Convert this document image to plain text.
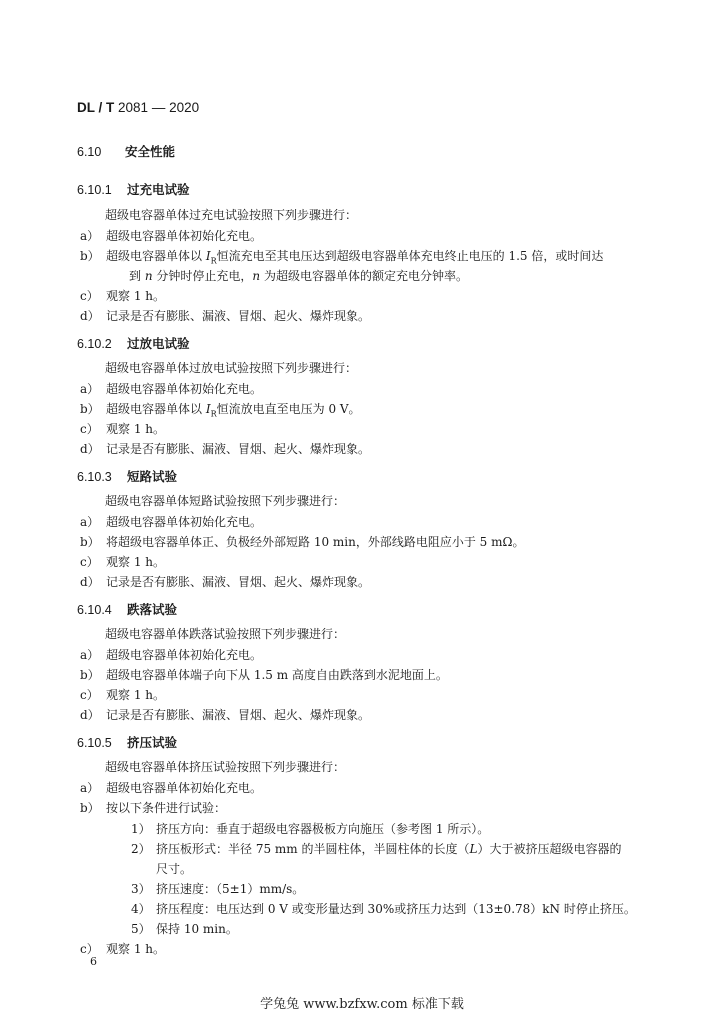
DL / T 2081 — 2020
6.10 安全性能
6.10.1 过充电试验
超级电容器单体过充电试验按照下列步骤进行：
a） 超级电容器单体初始化充电。
b） 超级电容器单体以 $I_R$恒流充电至其电压达到超级电容器单体充电终止电压的 1.5 倍，或时间达
到 n 分钟时停止充电，n 为超级电容器单体的额定充电分钟率。
c） 观察 1 h。
d） 记录是否有膨胀、漏液、冒烟、起火、爆炸现象。
6.10.2 过放电试验
超级电容器单体过放电试验按照下列步骤进行：
a） 超级电容器单体初始化充电。
b） 超级电容器单体以 $I_R$恒流放电直至电压为 0 V。
c） 观察 1 h。
d） 记录是否有膨胀、漏液、冒烟、起火、爆炸现象。
6.10.3 短路试验
超级电容器单体短路试验按照下列步骤进行：
a） 超级电容器单体初始化充电。
b） 将超级电容器单体正、负极经外部短路 10 min，外部线路电阻应小于 5 mΩ。
c） 观察 1 h。
d） 记录是否有膨胀、漏液、冒烟、起火、爆炸现象。
6.10.4 跌落试验
超级电容器单体跌落试验按照下列步骤进行：
a） 超级电容器单体初始化充电。
b） 超级电容器单体端子向下从 1.5 m 高度自由跌落到水泥地面上。
c） 观察 1 h。
d） 记录是否有膨胀、漏液、冒烟、起火、爆炸现象。
6.10.5 挤压试验
超级电容器单体挤压试验按照下列步骤进行：
a） 超级电容器单体初始化充电。
b） 按以下条件进行试验：
1） 挤压方向：垂直于超级电容器极板方向施压（参考图 1 所示）。
2） 挤压板形式：半径 75 mm 的半圆柱体，半圆柱体的长度（L）大于被挤压超级电容器的
尺寸。
3） 挤压速度：（5±1）mm/s。
4） 挤压程度：电压达到 0 V 或变形量达到 30%或挤压力达到（13±0.78）kN 时停止挤压。
5） 保持 10 min。
c） 观察 1 h。
6
学兔兔 www.bzfxw.com 标准下载
